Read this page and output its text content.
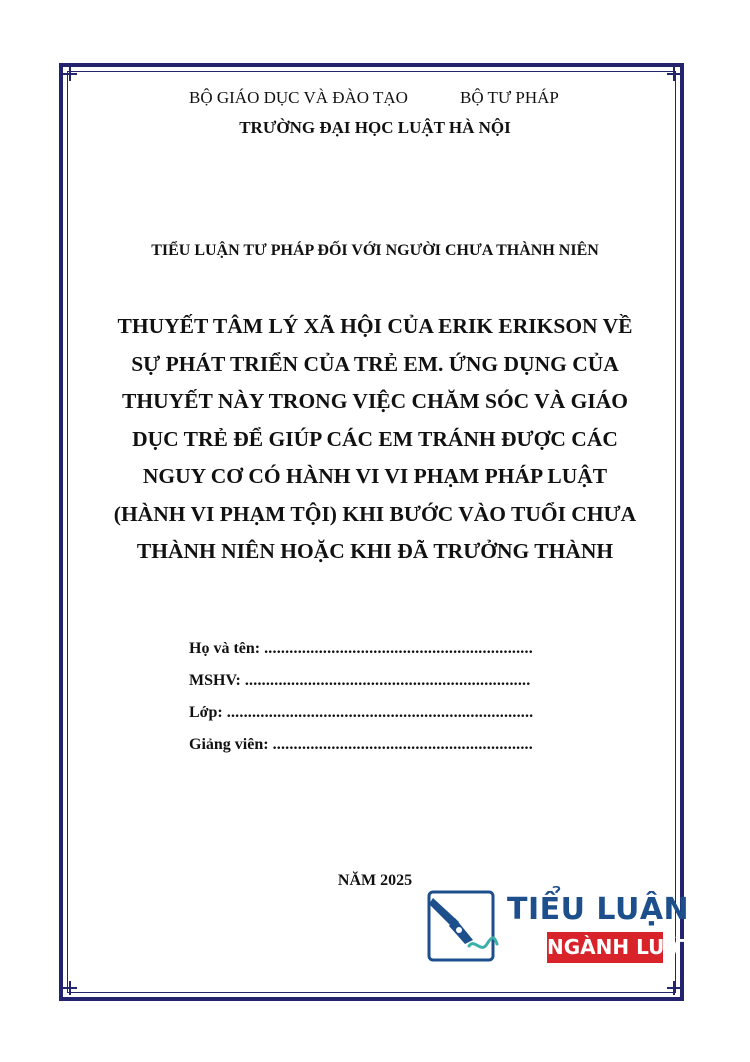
BỘ GIÁO DỤC VÀ ĐÀO TẠO	BỘ TƯ PHÁP
TRƯỜNG ĐẠI HỌC LUẬT HÀ NỘI
TIỂU LUẬN TƯ PHÁP ĐỐI VỚI NGƯỜI CHƯA THÀNH NIÊN
THUYẾT TÂM LÝ XÃ HỘI CỦA ERIK ERIKSON VỀ
SỰ PHÁT TRIỂN CỦA TRẺ EM. ỨNG DỤNG CỦA
THUYẾT NÀY TRONG VIỆC CHĂM SÓC VÀ GIÁO
DỤC TRẺ ĐỂ GIÚP CÁC EM TRÁNH ĐƯỢC CÁC
NGUY CƠ CÓ HÀNH VI VI PHẠM PHÁP LUẬT
(HÀNH VI PHẠM TỘI) KHI BƯỚC VÀO TUỔI CHƯA
THÀNH NIÊN HOẶC KHI ĐÃ TRƯỞNG THÀNH
Họ và tên: ................................................................
MSHV: ....................................................................
Lớp: .........................................................................
Giảng viên: ..............................................................
NĂM 2025
TIỂU LUẬN
NGÀNH LUẬT
